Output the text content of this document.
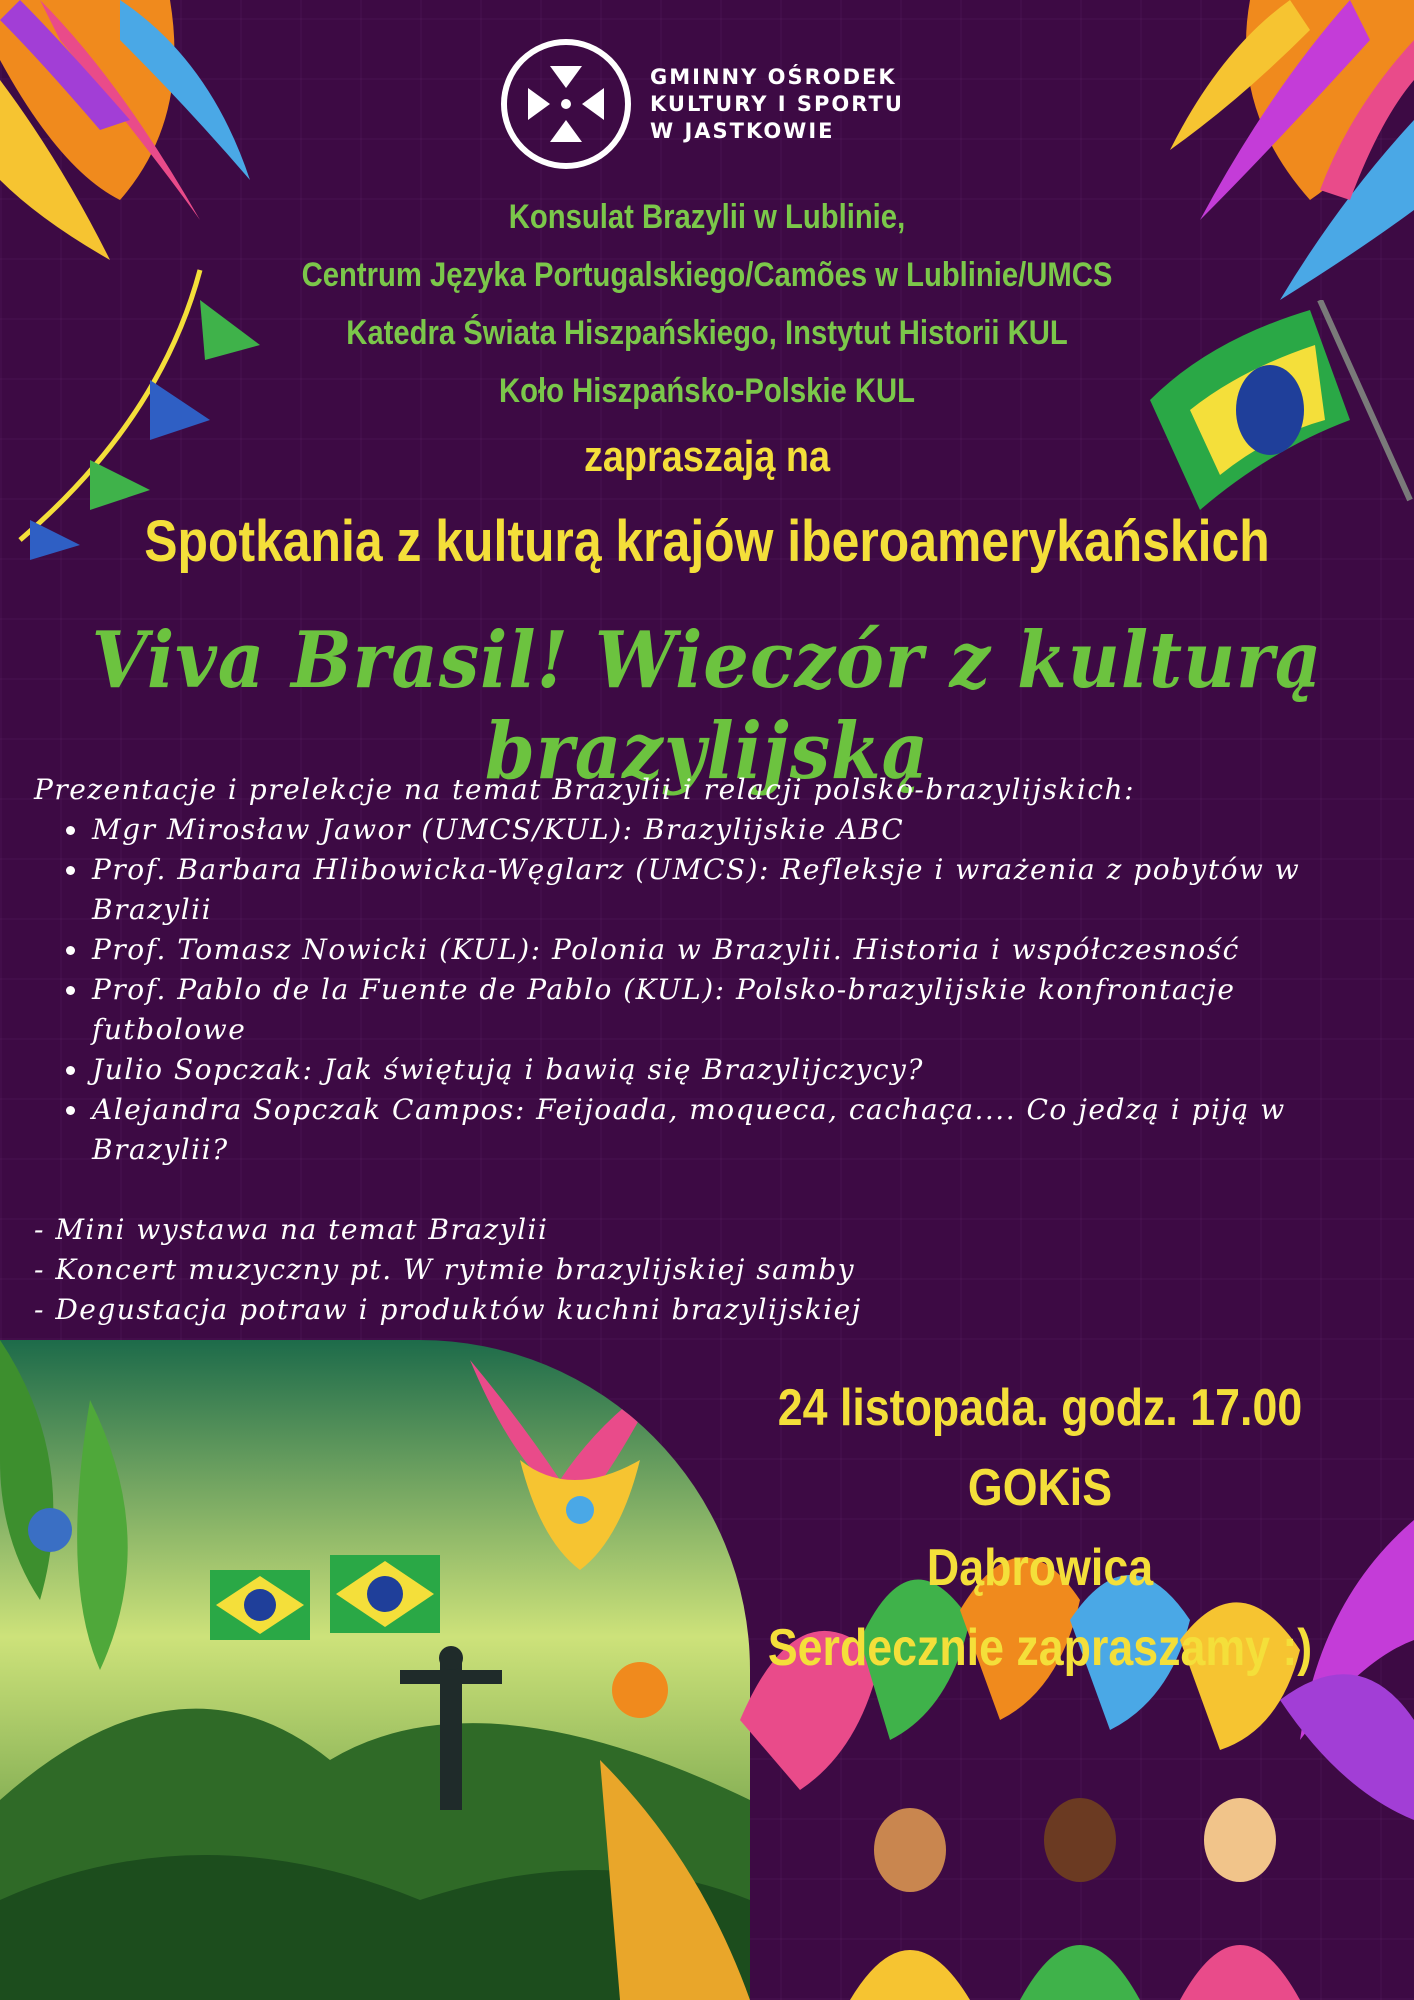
GMINNY OŚRODEK
KULTURY I SPORTU
W JASTKOWIE
Konsulat Brazylii w Lublinie,
Centrum Języka Portugalskiego/Camões w Lublinie/UMCS
Katedra Świata Hiszpańskiego, Instytut Historii KUL
Koło Hiszpańsko-Polskie KUL
zapraszają na
Spotkania z kulturą krajów iberoamerykańskich
Viva Brasil! Wieczór z kulturą brazylijską
Prezentacje i prelekcje na temat Brazylii i relacji polsko-brazylijskich:
• Mgr Mirosław Jawor (UMCS/KUL): Brazylijskie ABC
• Prof. Barbara Hlibowicka-Węglarz (UMCS): Refleksje i wrażenia z pobytów w Brazylii
• Prof. Tomasz Nowicki (KUL): Polonia w Brazylii. Historia i współczesność
• Prof. Pablo de la Fuente de Pablo (KUL): Polsko-brazylijskie konfrontacje futbolowe
• Julio Sopczak: Jak świętują i bawią się Brazylijczycy?
• Alejandra Sopczak Campos: Feijoada, moqueca, cachaça.... Co jedzą i piją w Brazylii?
- Mini wystawa na temat Brazylii
- Koncert muzyczny pt. W rytmie brazylijskiej samby
- Degustacja potraw i produktów kuchni brazylijskiej
24 listopada. godz. 17.00 GOKiS
Dąbrowica
Serdecznie zapraszamy :)
